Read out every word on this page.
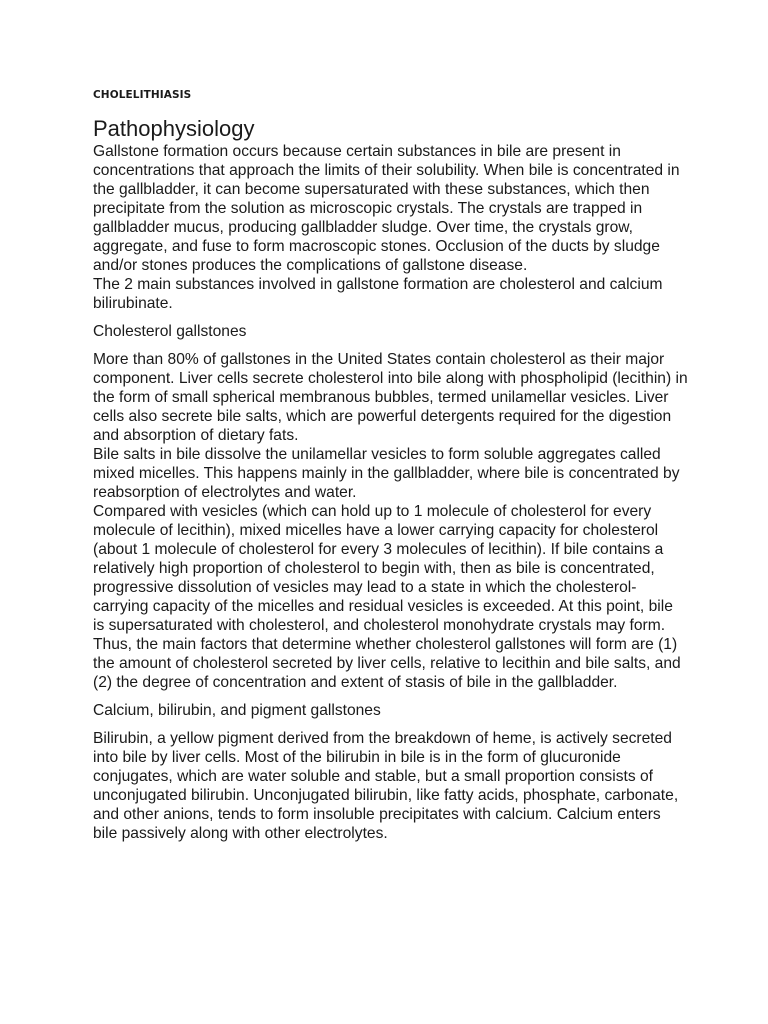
CHOLELITHIASIS
Pathophysiology

Gallstone formation occurs because certain substances in bile are present in concentrations that approach the limits of their solubility. When bile is concentrated in the gallbladder, it can become supersaturated with these substances, which then precipitate from the solution as microscopic crystals. The crystals are trapped in gallbladder mucus, producing gallbladder sludge. Over time, the crystals grow, aggregate, and fuse to form macroscopic stones. Occlusion of the ducts by sludge and/or stones produces the complications of gallstone disease.

The 2 main substances involved in gallstone formation are cholesterol and calcium bilirubinate.

Cholesterol gallstones

More than 80% of gallstones in the United States contain cholesterol as their major component. Liver cells secrete cholesterol into bile along with phospholipid (lecithin) in the form of small spherical membranous bubbles, termed unilamellar vesicles. Liver cells also secrete bile salts, which are powerful detergents required for the digestion and absorption of dietary fats.

Bile salts in bile dissolve the unilamellar vesicles to form soluble aggregates called mixed micelles. This happens mainly in the gallbladder, where bile is concentrated by reabsorption of electrolytes and water.

Compared with vesicles (which can hold up to 1 molecule of cholesterol for every molecule of lecithin), mixed micelles have a lower carrying capacity for cholesterol (about 1 molecule of cholesterol for every 3 molecules of lecithin). If bile contains a relatively high proportion of cholesterol to begin with, then as bile is concentrated, progressive dissolution of vesicles may lead to a state in which the cholesterol-carrying capacity of the micelles and residual vesicles is exceeded. At this point, bile is supersaturated with cholesterol, and cholesterol monohydrate crystals may form.

Thus, the main factors that determine whether cholesterol gallstones will form are (1) the amount of cholesterol secreted by liver cells, relative to lecithin and bile salts, and (2) the degree of concentration and extent of stasis of bile in the gallbladder.

Calcium, bilirubin, and pigment gallstones

Bilirubin, a yellow pigment derived from the breakdown of heme, is actively secreted into bile by liver cells. Most of the bilirubin in bile is in the form of glucuronide conjugates, which are water soluble and stable, but a small proportion consists of unconjugated bilirubin. Unconjugated bilirubin, like fatty acids, phosphate, carbonate, and other anions, tends to form insoluble precipitates with calcium. Calcium enters bile passively along with other electrolytes.
